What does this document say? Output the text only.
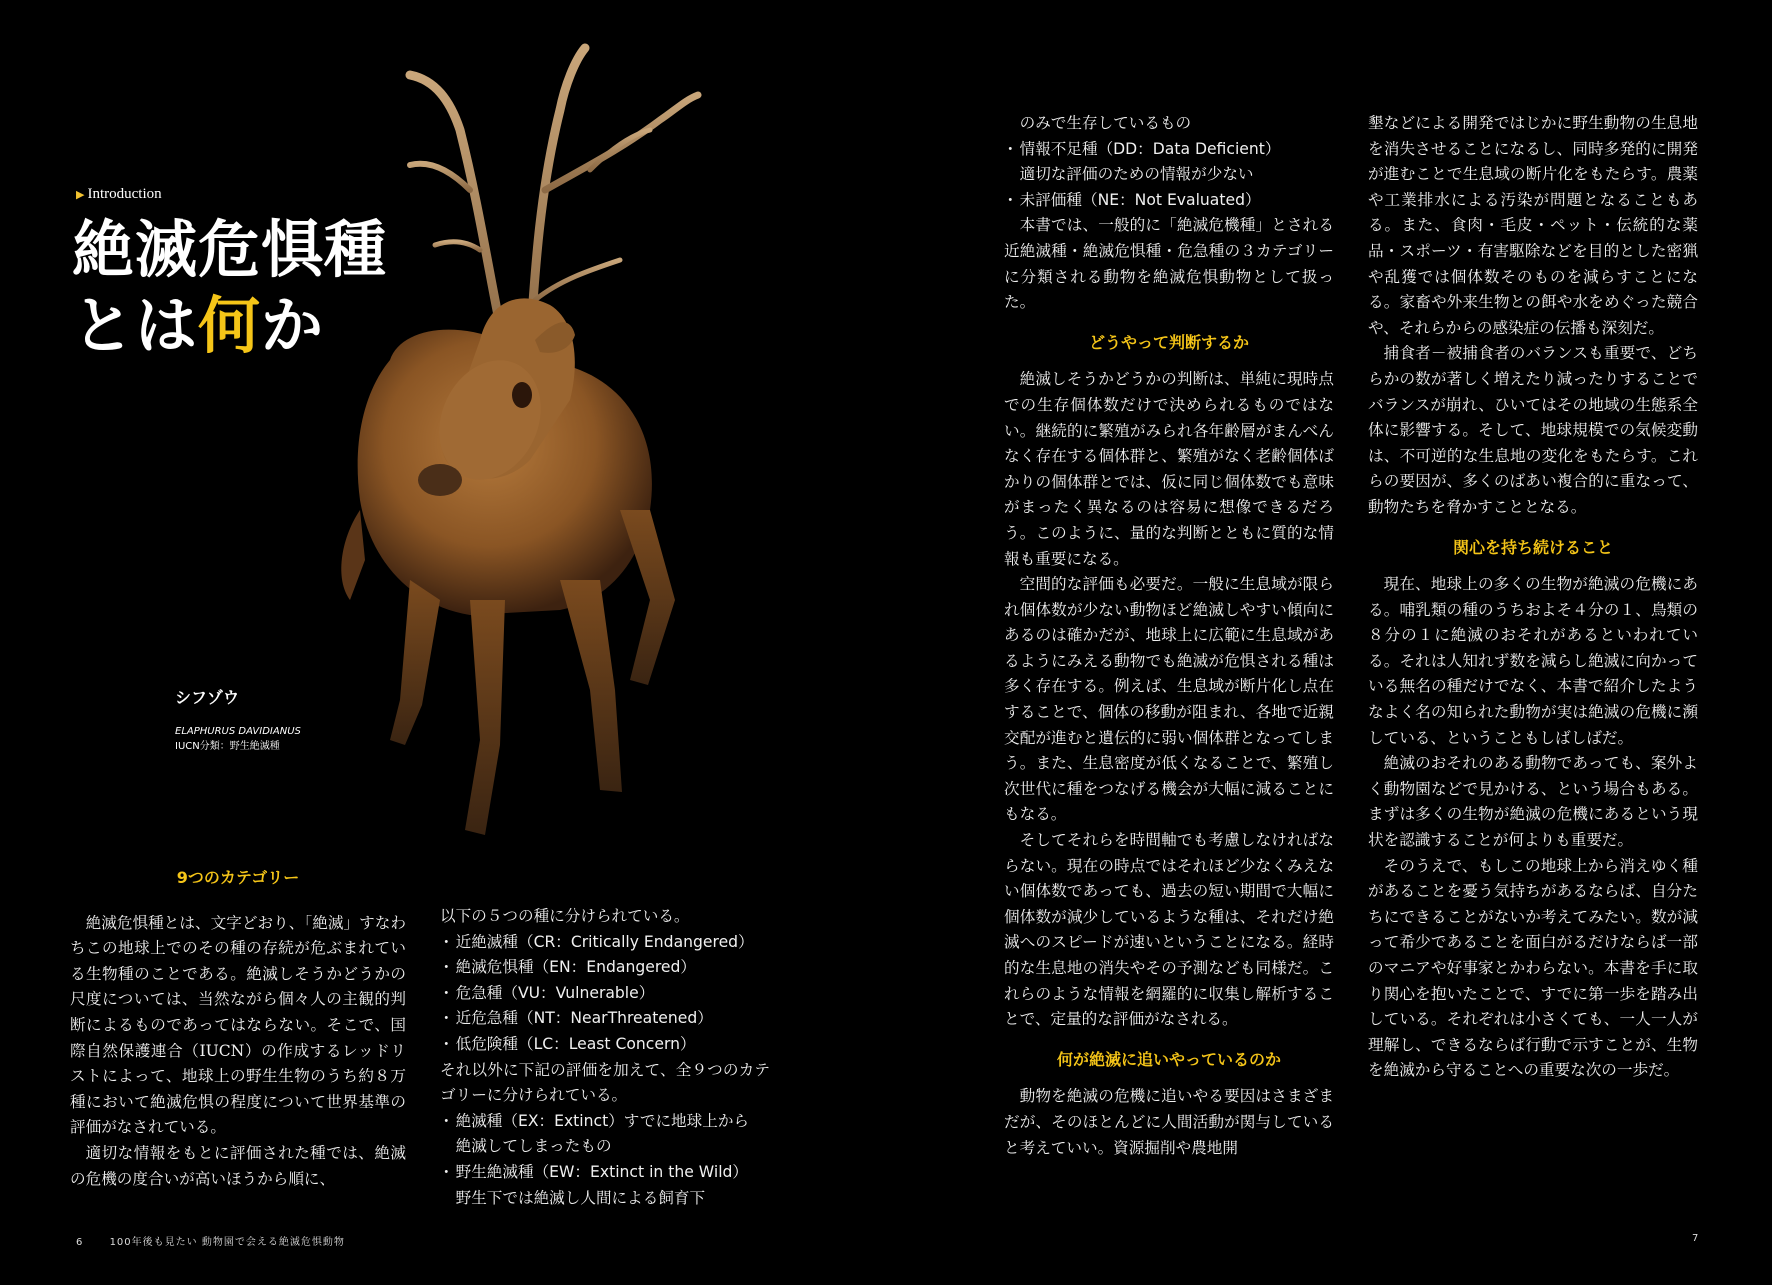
▶ Introduction
絶滅危惧種
とは何か
シフゾウ
ELAPHURUS DAVIDIANUS
IUCN分類：野生絶滅種
9つのカテゴリー

絶滅危惧種とは、文字どおり、「絶滅」すなわちこの地球上でのその種の存続が危ぶまれている生物種のことである。絶滅しそうかどうかの尺度については、当然ながら個々人の主観的判断によるものであってはならない。そこで、国際自然保護連合（IUCN）の作成するレッドリストによって、地球上の野生生物のうち約８万種において絶滅危惧の程度について世界基準の評価がなされている。

適切な情報をもとに評価された種では、絶滅の危機の度合いが高いほうから順に、

以下の５つの種に分けられている。

・ 近絶滅種（CR：Critically Endangered）
・ 絶滅危惧種（EN：Endangered）
・ 危急種（VU：Vulnerable）
・ 近危急種（NT：NearThreatened）
・ 低危険種（LC：Least Concern）

それ以外に下記の評価を加えて、全９つのカテゴリーに分けられている。

・ 絶滅種（EX：Extinct）すでに地球上から
絶滅してしまったもの
・ 野生絶滅種（EW：Extinct in the Wild）
野生下では絶滅し人間による飼育下
6	100年後も見たい 動物園で会える絶滅危惧動物
のみで生存しているもの
・ 情報不足種（DD：Data Deficient）
適切な評価のための情報が少ない
・ 未評価種（NE：Not Evaluated）

本書では、一般的に「絶滅危機種」とされる近絶滅種・絶滅危惧種・危急種の３カテゴリーに分類される動物を絶滅危惧動物として扱った。

どうやって判断するか

絶滅しそうかどうかの判断は、単純に現時点での生存個体数だけで決められるものではない。継続的に繁殖がみられ各年齢層がまんべんなく存在する個体群と、繁殖がなく老齢個体ばかりの個体群とでは、仮に同じ個体数でも意味がまったく異なるのは容易に想像できるだろう。このように、量的な判断とともに質的な情報も重要になる。

空間的な評価も必要だ。一般に生息域が限られ個体数が少ない動物ほど絶滅しやすい傾向にあるのは確かだが、地球上に広範に生息域があるようにみえる動物でも絶滅が危惧される種は多く存在する。例えば、生息域が断片化し点在することで、個体の移動が阻まれ、各地で近親交配が進むと遺伝的に弱い個体群となってしまう。また、生息密度が低くなることで、繁殖し次世代に種をつなげる機会が大幅に減ることにもなる。

そしてそれらを時間軸でも考慮しなければならない。現在の時点ではそれほど少なくみえない個体数であっても、過去の短い期間で大幅に個体数が減少しているような種は、それだけ絶滅へのスピードが速いということになる。経時的な生息地の消失やその予測なども同様だ。これらのような情報を網羅的に収集し解析することで、定量的な評価がなされる。

何が絶滅に追いやっているのか

動物を絶滅の危機に追いやる要因はさまざまだが、そのほとんどに人間活動が関与していると考えていい。資源掘削や農地開

墾などによる開発ではじかに野生動物の生息地を消失させることになるし、同時多発的に開発が進むことで生息域の断片化をもたらす。農薬や工業排水による汚染が問題となることもある。また、食肉・毛皮・ペット・伝統的な薬品・スポーツ・有害駆除などを目的とした密猟や乱獲では個体数そのものを減らすことになる。家畜や外来生物との餌や水をめぐった競合や、それらからの感染症の伝播も深刻だ。

捕食者－被捕食者のバランスも重要で、どちらかの数が著しく増えたり減ったりすることでバランスが崩れ、ひいてはその地域の生態系全体に影響する。そして、地球規模での気候変動は、不可逆的な生息地の変化をもたらす。これらの要因が、多くのばあい複合的に重なって、動物たちを脅かすこととなる。

関心を持ち続けること

現在、地球上の多くの生物が絶滅の危機にある。哺乳類の種のうちおよそ４分の１、鳥類の８分の１に絶滅のおそれがあるといわれている。それは人知れず数を減らし絶滅に向かっている無名の種だけでなく、本書で紹介したようなよく名の知られた動物が実は絶滅の危機に瀕している、ということもしばしばだ。

絶滅のおそれのある動物であっても、案外よく動物園などで見かける、という場合もある。まずは多くの生物が絶滅の危機にあるという現状を認識することが何よりも重要だ。

そのうえで、もしこの地球上から消えゆく種があることを憂う気持ちがあるならば、自分たちにできることがないか考えてみたい。数が減って希少であることを面白がるだけならば一部のマニアや好事家とかわらない。本書を手に取り関心を抱いたことで、すでに第一歩を踏み出している。それぞれは小さくても、一人一人が理解し、できるならば行動で示すことが、生物を絶滅から守ることへの重要な次の一歩だ。

7
